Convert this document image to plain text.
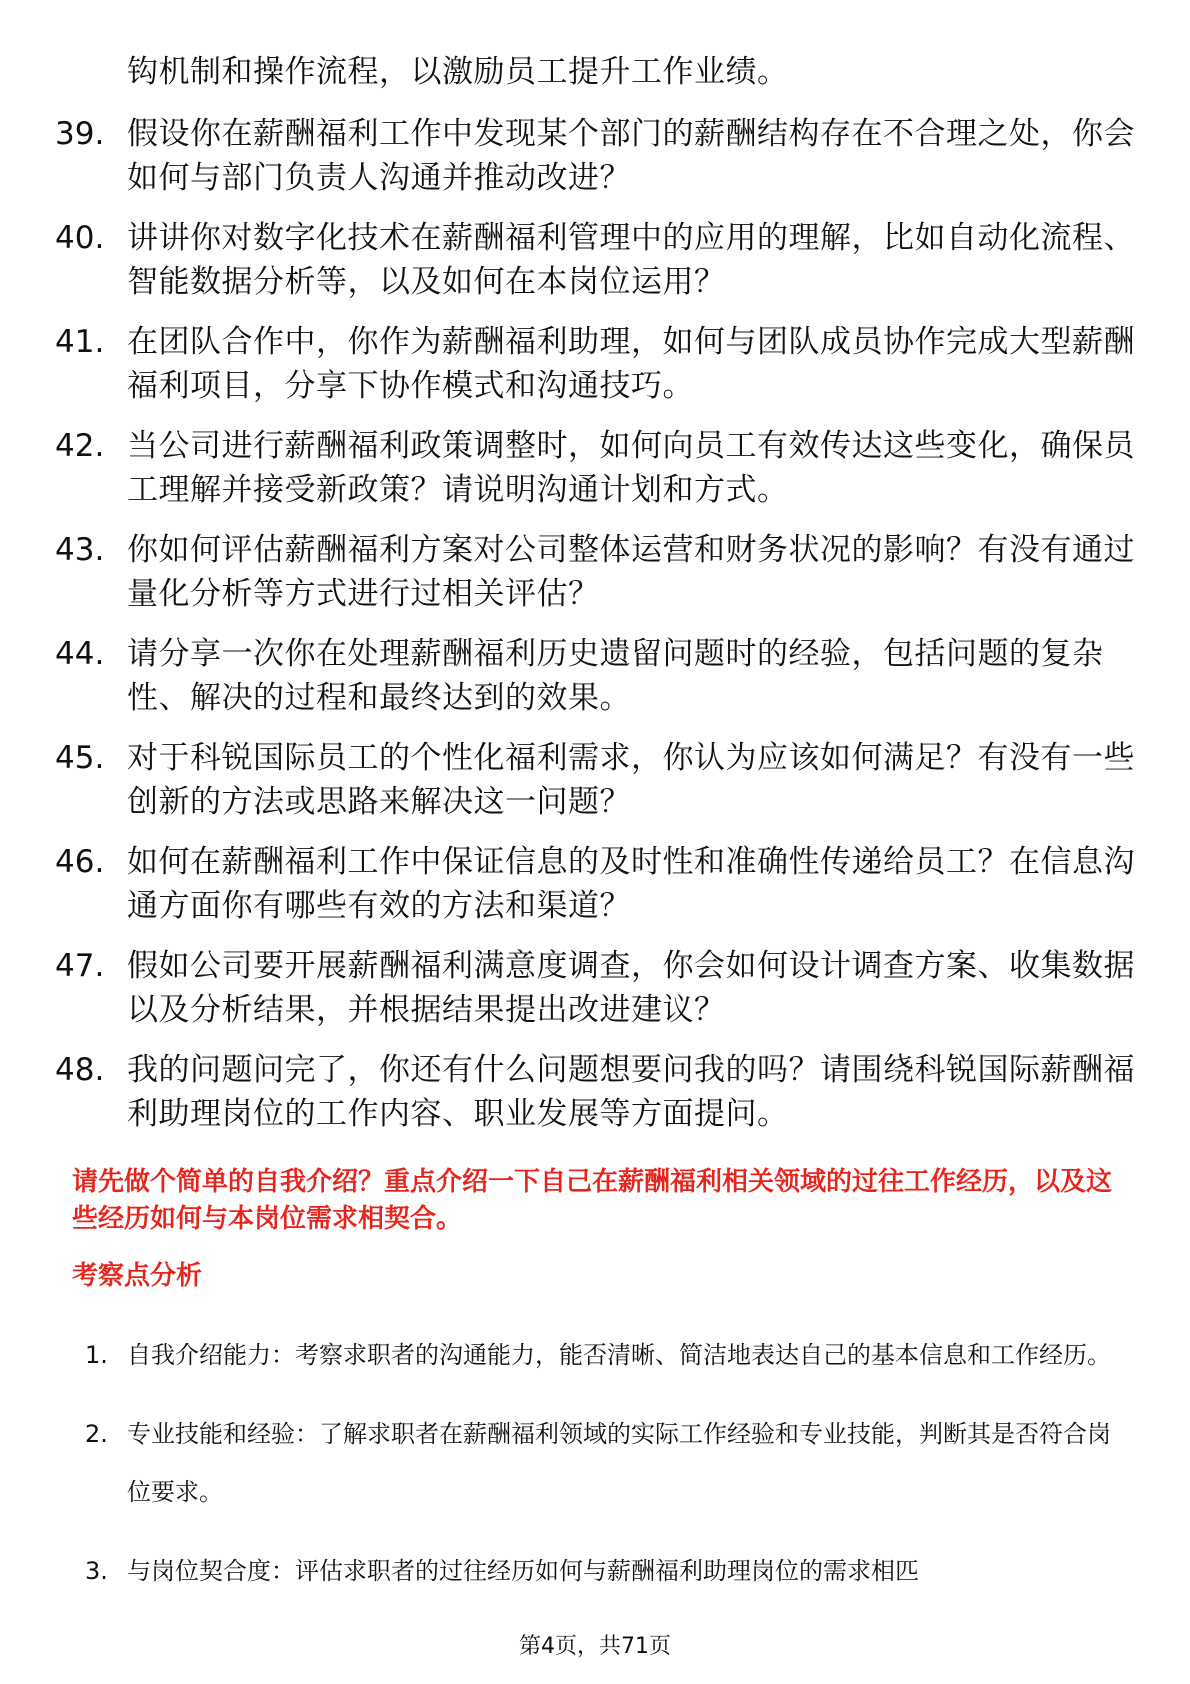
钩机制和操作流程，以激励员工提升工作业绩。
39. 假设你在薪酬福利工作中发现某个部门的薪酬结构存在不合理之处，你会如何与部门负责人沟通并推动改进？
40. 讲讲你对数字化技术在薪酬福利管理中的应用的理解，比如自动化流程、智能数据分析等，以及如何在本岗位运用？
41. 在团队合作中，你作为薪酬福利助理，如何与团队成员协作完成大型薪酬福利项目，分享下协作模式和沟通技巧。
42. 当公司进行薪酬福利政策调整时，如何向员工有效传达这些变化，确保员工理解并接受新政策？请说明沟通计划和方式。
43. 你如何评估薪酬福利方案对公司整体运营和财务状况的影响？有没有通过量化分析等方式进行过相关评估？
44. 请分享一次你在处理薪酬福利历史遗留问题时的经验，包括问题的复杂性、解决的过程和最终达到的效果。
45. 对于科锐国际员工的个性化福利需求，你认为应该如何满足？有没有一些创新的方法或思路来解决这一问题？
46. 如何在薪酬福利工作中保证信息的及时性和准确性传递给员工？在信息沟通方面你有哪些有效的方法和渠道？
47. 假如公司要开展薪酬福利满意度调查，你会如何设计调查方案、收集数据以及分析结果，并根据结果提出改进建议？
48. 我的问题问完了，你还有什么问题想要问我的吗？请围绕科锐国际薪酬福利助理岗位的工作内容、职业发展等方面提问。
请先做个简单的自我介绍？重点介绍一下自己在薪酬福利相关领域的过往工作经历，以及这些经历如何与本岗位需求相契合。
考察点分析
1. 自我介绍能力：考察求职者的沟通能力，能否清晰、简洁地表达自己的基本信息和工作经历。
2. 专业技能和经验：了解求职者在薪酬福利领域的实际工作经验和专业技能，判断其是否符合岗位要求。
3. 与岗位契合度：评估求职者的过往经历如何与薪酬福利助理岗位的需求相匹
第4页，共71页
